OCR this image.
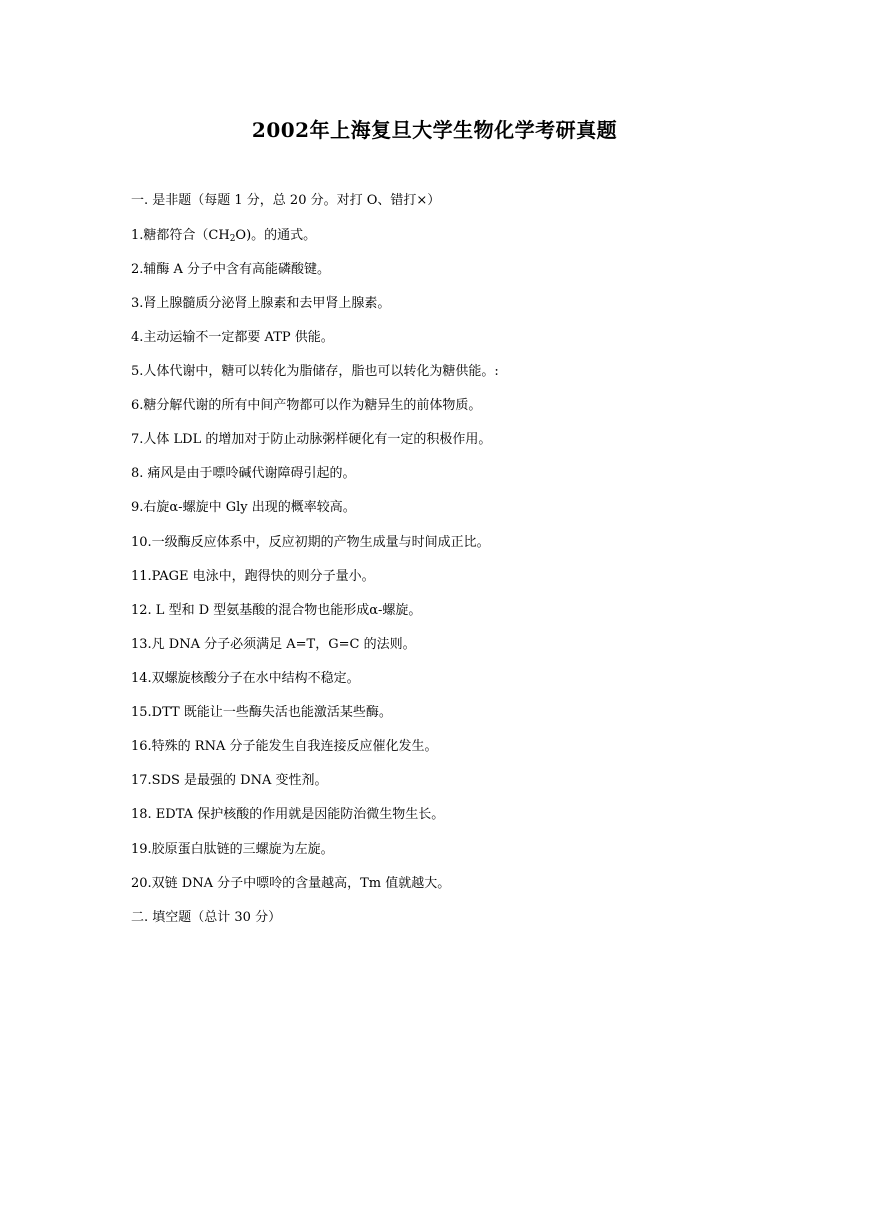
2002年上海复旦大学生物化学考研真题
一. 是非题（每题 1 分，总 20 分。对打 O、错打×）
1.糖都符合$(CH_2O)$。的通式。
2.辅酶 A 分子中含有高能磷酸键。
3.肾上腺髓质分泌肾上腺素和去甲肾上腺素。
4.主动运输不一定都要 ATP 供能。
5.人体代谢中，糖可以转化为脂储存，脂也可以转化为糖供能。:
6.糖分解代谢的所有中间产物都可以作为糖异生的前体物质。
7.人体 LDL 的增加对于防止动脉粥样硬化有一定的积极作用。
8. 痛风是由于嘌呤碱代谢障碍引起的。
9.右旋α-螺旋中 Gly 出现的概率较高。
10.一级酶反应体系中，反应初期的产物生成量与时间成正比。
11.PAGE 电泳中，跑得快的则分子量小。
12. L 型和 D 型氨基酸的混合物也能形成α-螺旋。
13.凡 DNA 分子必须满足 A=T，G=C 的法则。
14.双螺旋核酸分子在水中结构不稳定。
15.DTT 既能让一些酶失活也能激活某些酶。
16.特殊的 RNA 分子能发生自我连接反应催化发生。
17.SDS 是最强的 DNA 变性剂。
18. EDTA 保护核酸的作用就是因能防治微生物生长。
19.胶原蛋白肽链的三螺旋为左旋。
20.双链 DNA 分子中嘌呤的含量越高，Tm 值就越大。
二. 填空题（总计 30 分）
